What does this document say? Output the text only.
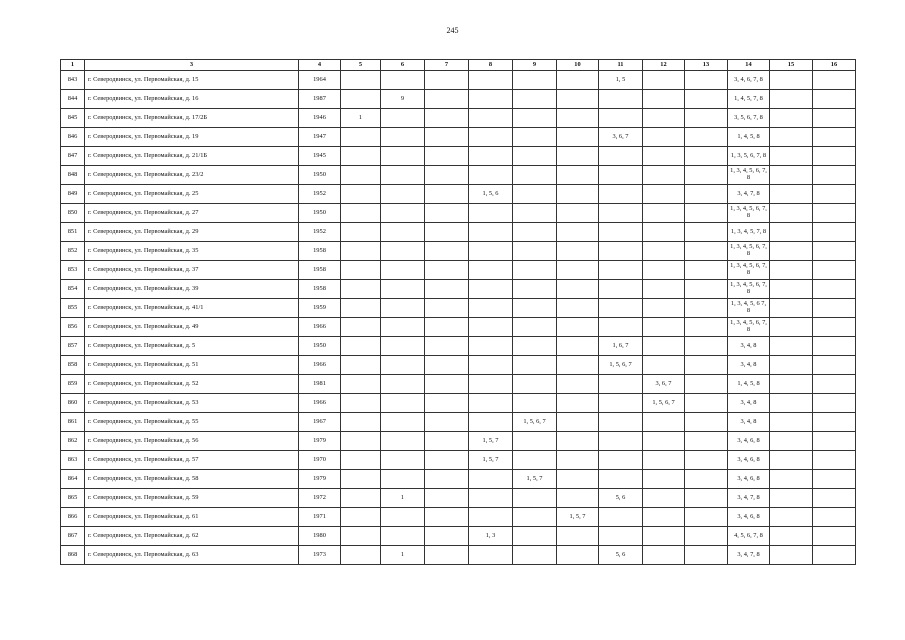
245
1	3	4	5	6	7	8	9	10	11	12	13	14	15	16
843	г. Северодвинск, ул. Первомайская, д. 15	1964							1, 5			3, 4, 6, 7, 8		
844	г. Северодвинск, ул. Первомайская, д. 16	1987		9								1, 4, 5, 7, 8		
845	г. Северодвинск, ул. Первомайская, д. 17/2Б	1946	1									3, 5, 6, 7, 8		
846	г. Северодвинск, ул. Первомайская, д. 19	1947							3, 6, 7			1, 4, 5, 8		
847	г. Северодвинск, ул. Первомайская, д. 21/1Б	1945										1, 3, 5, 6, 7, 8		
848	г. Северодвинск, ул. Первомайская, д. 23/2	1950										1, 3, 4, 5, 6, 7, 8		
849	г. Северодвинск, ул. Первомайская, д. 25	1952				1, 5, 6						3, 4, 7, 8		
850	г. Северодвинск, ул. Первомайская, д. 27	1950										1, 3, 4, 5, 6, 7, 8		
851	г. Северодвинск, ул. Первомайская, д. 29	1952										1, 3, 4, 5, 7, 8		
852	г. Северодвинск, ул. Первомайская, д. 35	1958										1, 3, 4, 5, 6, 7, 8		
853	г. Северодвинск, ул. Первомайская, д. 37	1958										1, 3, 4, 5, 6, 7, 8		
854	г. Северодвинск, ул. Первомайская, д. 39	1958										1, 3, 4, 5, 6, 7, 8		
855	г. Северодвинск, ул. Первомайская, д. 41/1	1959										1, 3, 4, 5, 6 7, 8		
856	г. Северодвинск, ул. Первомайская, д. 49	1966										1, 3, 4, 5, 6, 7, 8		
857	г. Северодвинск, ул. Первомайская, д. 5	1950							1, 6, 7			3, 4, 8		
858	г. Северодвинск, ул. Первомайская, д. 51	1966							1, 5, 6, 7			3, 4, 8		
859	г. Северодвинск, ул. Первомайская, д. 52	1981								3, 6, 7		1, 4, 5, 8		
860	г. Северодвинск, ул. Первомайская, д. 53	1966								1, 5, 6, 7		3, 4, 8		
861	г. Северодвинск, ул. Первомайская, д. 55	1967					1, 5, 6, 7					3, 4, 8		
862	г. Северодвинск, ул. Первомайская, д. 56	1979				1, 5, 7						3, 4, 6, 8		
863	г. Северодвинск, ул. Первомайская, д. 57	1970				1, 5, 7						3, 4, 6, 8		
864	г. Северодвинск, ул. Первомайская, д. 58	1979					1, 5, 7					3, 4, 6, 8		
865	г. Северодвинск, ул. Первомайская, д. 59	1972		1					5, 6			3, 4, 7, 8		
866	г. Северодвинск, ул. Первомайская, д. 61	1971						1, 5, 7				3, 4, 6, 8		
867	г. Северодвинск, ул. Первомайская, д. 62	1980				1, 3						4, 5, 6, 7, 8		
868	г. Северодвинск, ул. Первомайская, д. 63	1973		1					5, 6			3, 4, 7, 8		
